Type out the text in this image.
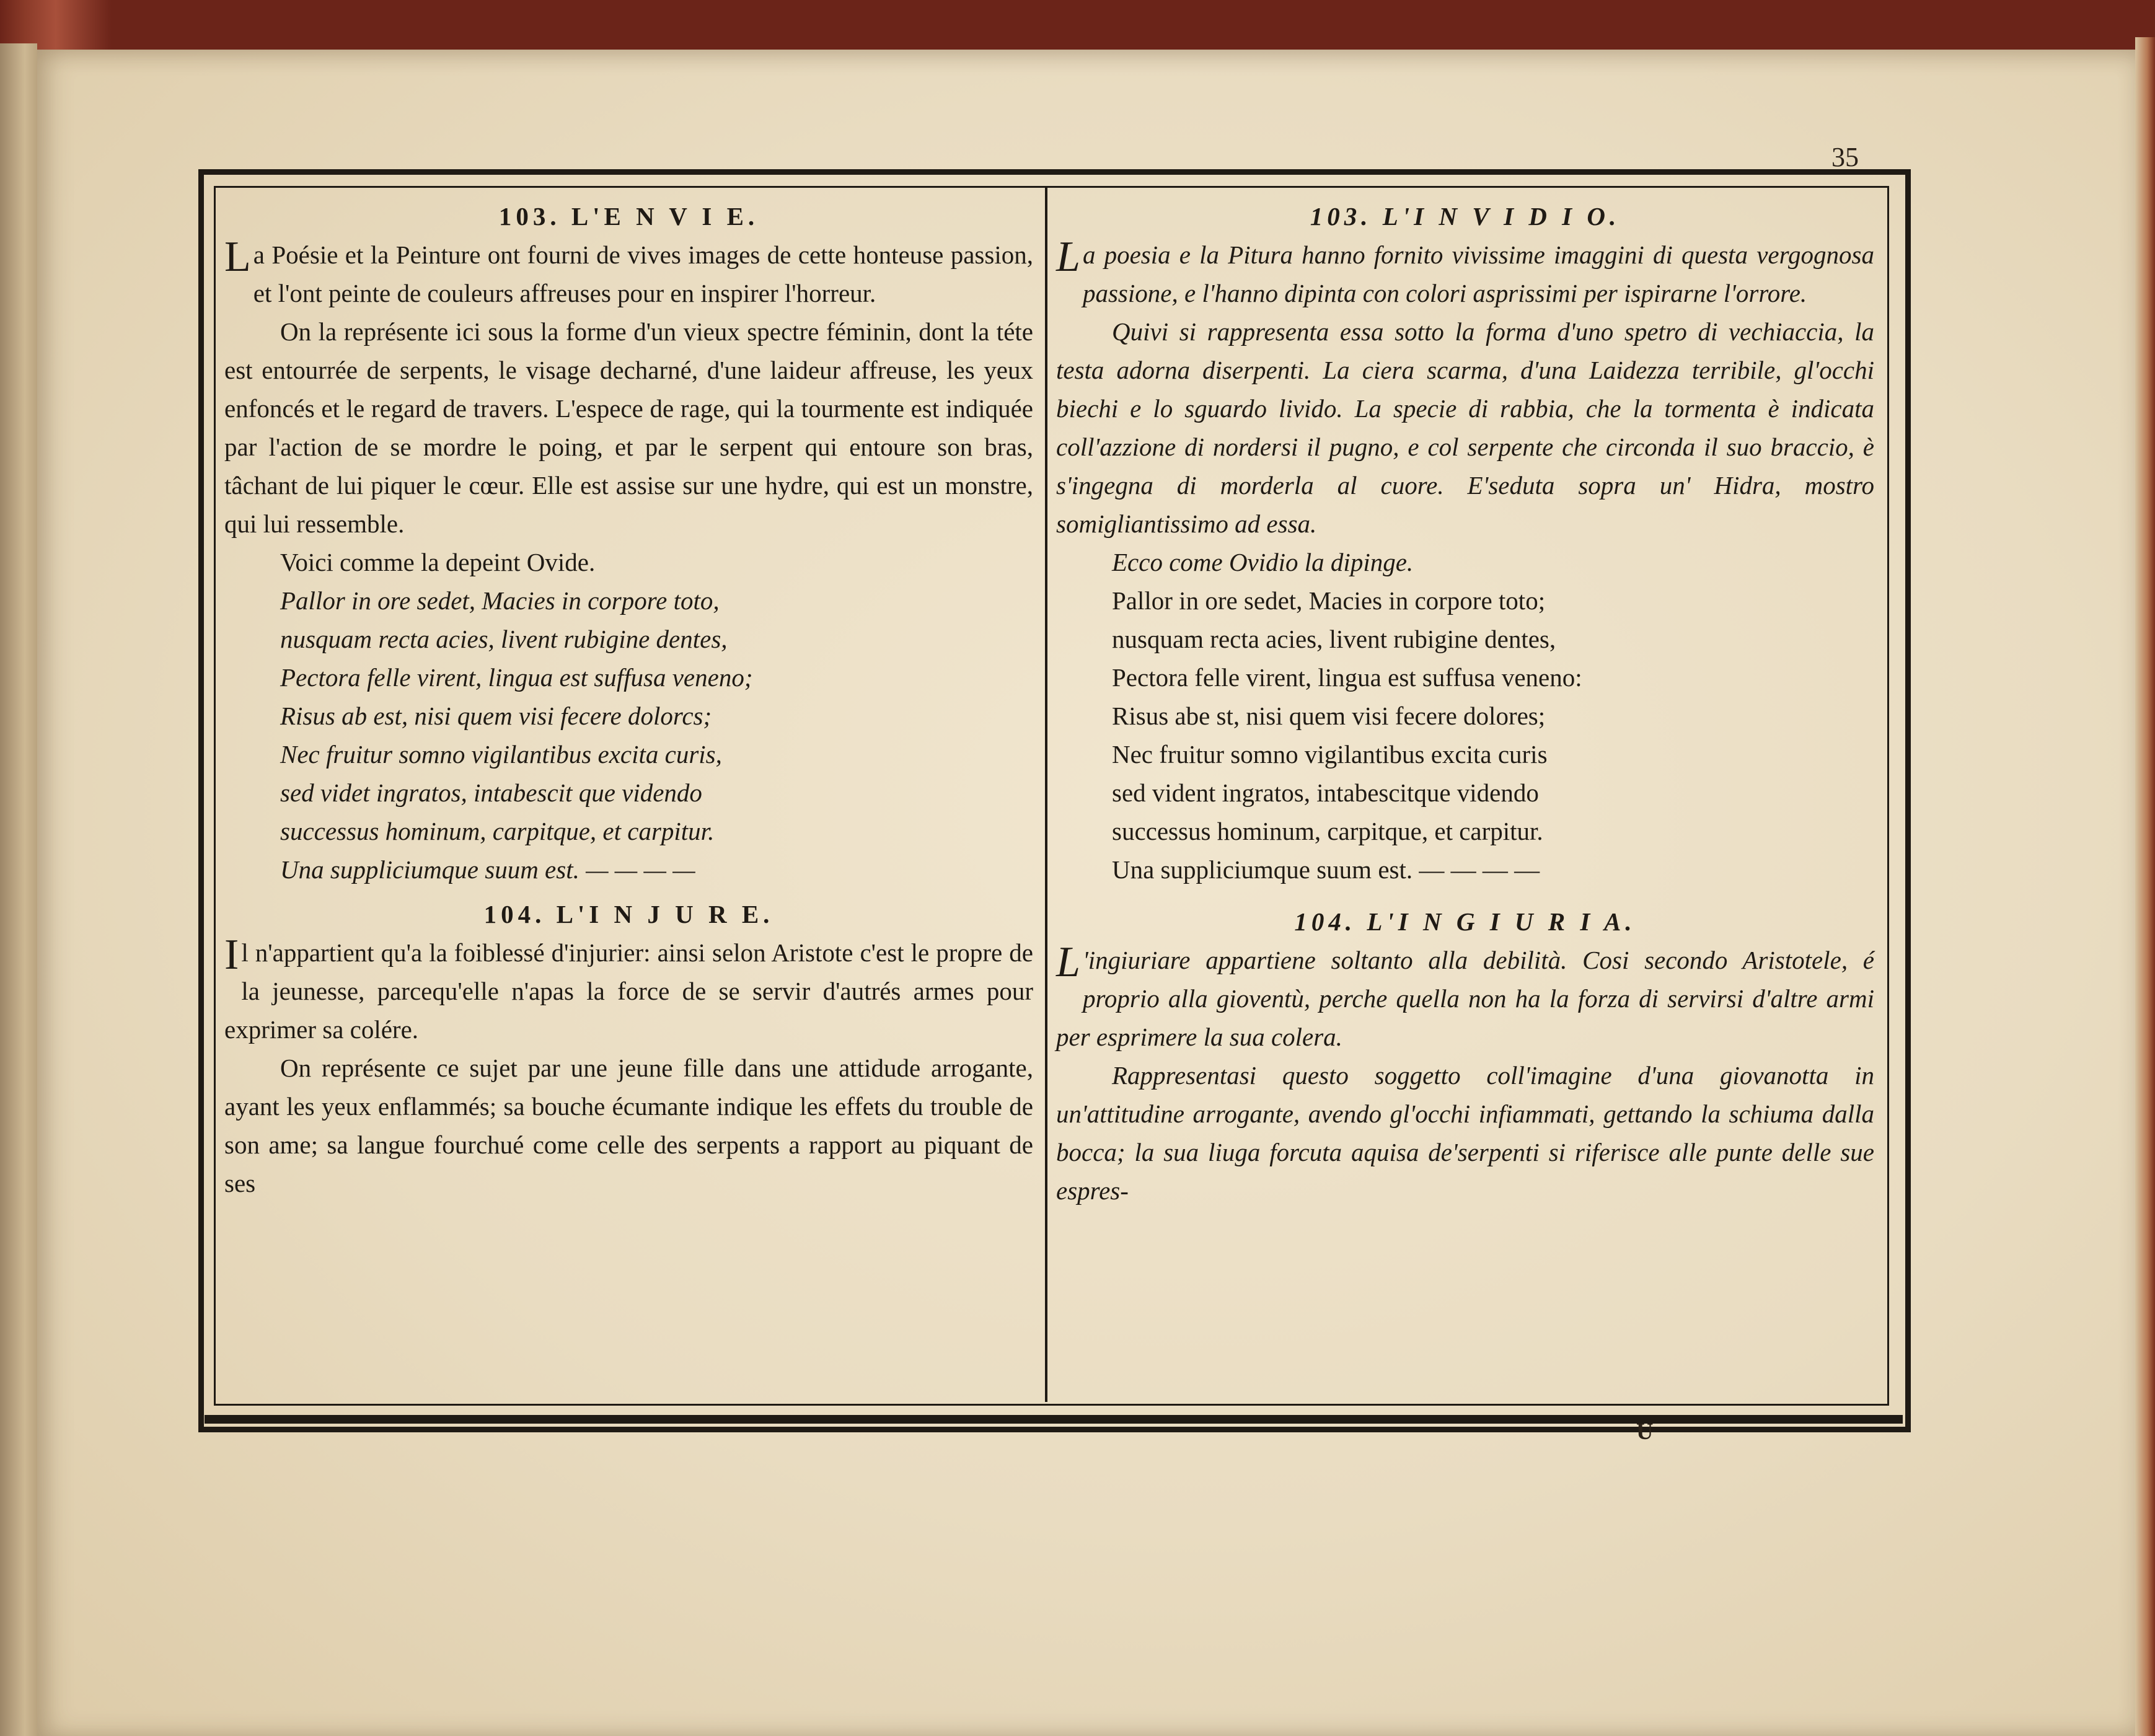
35
103. L'E N V I E.

La Poésie et la Peinture ont fourni de vives images de cette honteuse passion, et l'ont peinte de couleurs affreuses pour en inspirer l'horreur.

On la représente ici sous la forme d'un vieux spectre féminin, dont la téte est entourrée de serpents, le visage decharné, d'une laideur affreuse, les yeux enfoncés et le regard de travers. L'espece de rage, qui la tourmente est indiquée par l'action de se mordre le poing, et par le serpent qui entoure son bras, tâchant de lui piquer le cœur. Elle est assise sur une hydre, qui est un monstre, qui lui ressemble.

Voici comme la depeint Ovide.

Pallor in ore sedet, Macies in corpore toto,
nusquam recta acies, livent rubigine dentes,
Pectora felle virent, lingua est suffusa veneno;
Risus ab est, nisi quem visi fecere dolorcs;
Nec fruitur somno vigilantibus excita curis,
sed videt ingratos, intabescit que videndo
successus hominum, carpitque, et carpitur.
Una suppliciumque suum est. — — — —
104. L'I N J U R E.

Il n'appartient qu'a la foiblessé d'injurier: ainsi selon Aristote c'est le propre de la jeunesse, parcequ'elle n'apas la force de se servir d'autrés armes pour exprimer sa colére.

On représente ce sujet par une jeune fille dans une attidude arrogante, ayant les yeux enflammés; sa bouche écumante indique les effets du trouble de son ame; sa langue fourchué come celle des serpents a rapport au piquant de ses

103. L'I N V I D I O.

La poesia e la Pitura hanno fornito vivissime imaggini di questa vergognosa passione, e l'hanno dipinta con colori asprissimi per ispirarne l'orrore.

Quivi si rappresenta essa sotto la forma d'uno spetro di vechiaccia, la testa adorna diserpenti. La ciera scarma, d'una Laidezza terribile, gl'occhi biechi e lo sguardo livido. La specie di rabbia, che la tormenta è indicata coll'azzione di nordersi il pugno, e col serpente che circonda il suo braccio, è s'ingegna di morderla al cuore. E'seduta sopra un' Hidra, mostro somigliantissimo ad essa.

Ecco come Ovidio la dipinge.

Pallor in ore sedet, Macies in corpore toto;
nusquam recta acies, livent rubigine dentes,
Pectora felle virent, lingua est suffusa veneno:
Risus abe st, nisi quem visi fecere dolores;
Nec fruitur somno vigilantibus excita curis
sed vident ingratos, intabescitque videndo
successus hominum, carpitque, et carpitur.
Una suppliciumque suum est. — — — —
104. L'I N G I U R I A.

L 'ingiuriare appartiene soltanto alla debilità. Cosi secondo Aristotele, é proprio alla gioventù, perche quella non ha la forza di servirsi d'altre armi per esprimere la sua colera.

Rappresentasi questo soggetto coll'imagine d'una giovanotta in un'attitudine arrogante, avendo gl'occhi infiammati, gettando la schiuma dalla bocca; la sua liuga forcuta aquisa de'serpenti si riferisce alle punte delle sue espres-

U
